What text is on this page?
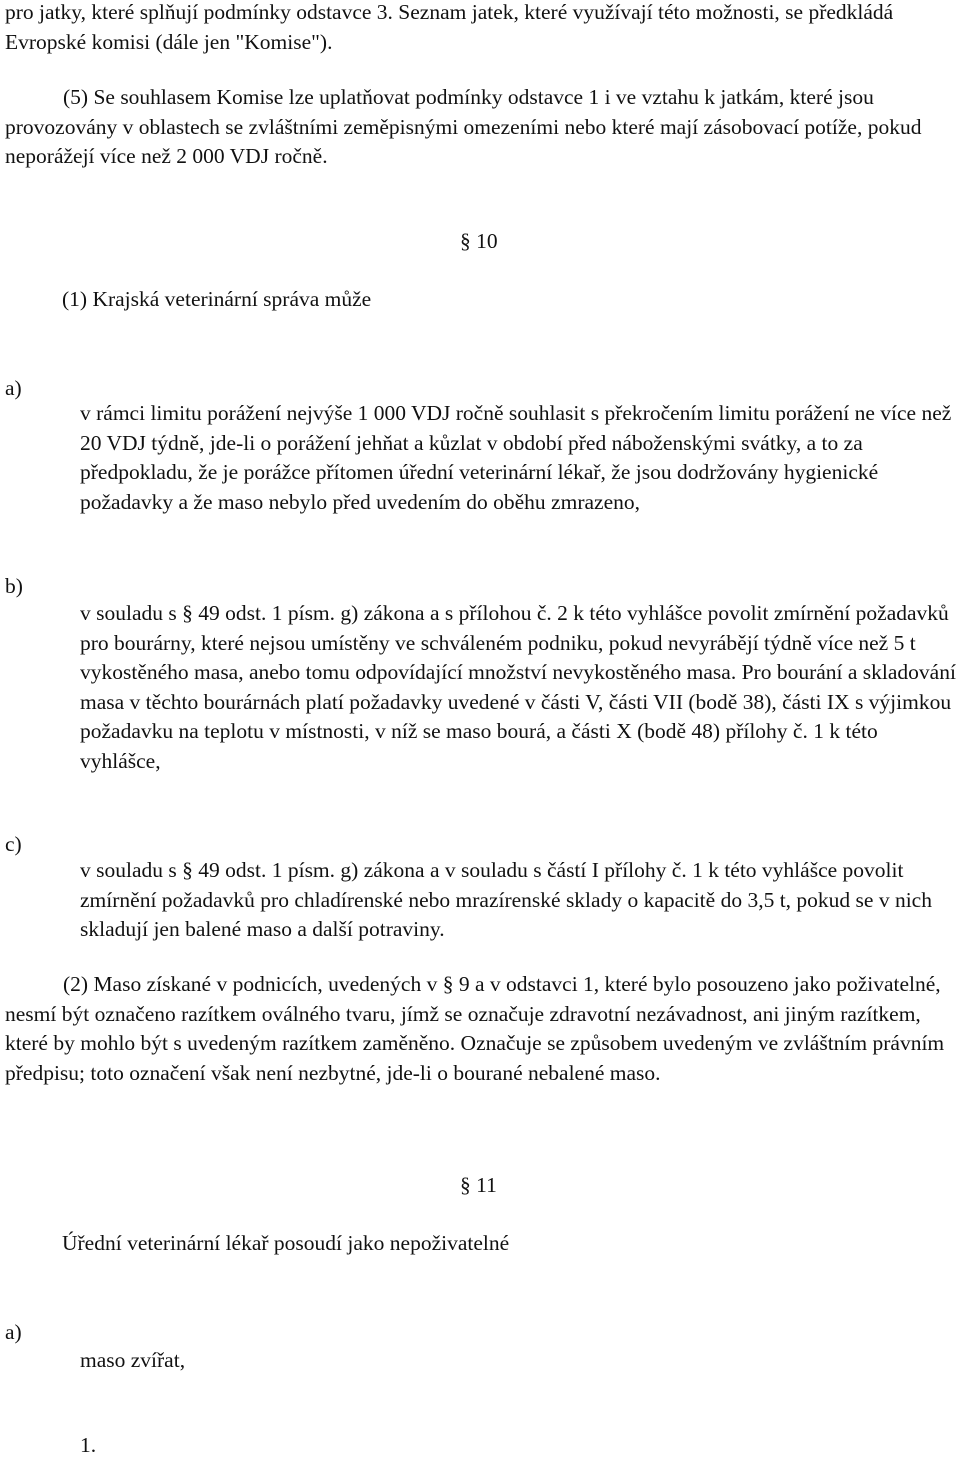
pro jatky, které splňují podmínky odstavce 3. Seznam jatek, které využívají této možnosti, se předkládá Evropské komisi (dále jen "Komise").

(5) Se souhlasem Komise lze uplatňovat podmínky odstavce 1 i ve vztahu k jatkám, které jsou provozovány v oblastech se zvláštními zeměpisnými omezeními nebo které mají zásobovací potíže, pokud neporážejí více než 2 000 VDJ ročně.

§ 10
(1) Krajská veterinární správa může
a)

v rámci limitu porážení nejvýše 1 000 VDJ ročně souhlasit s překročením limitu porážení ne více než 20 VDJ týdně, jde-li o porážení jehňat a kůzlat v období před náboženskými svátky, a to za předpokladu, že je porážce přítomen úřední veterinární lékař, že jsou dodržovány hygienické požadavky a že maso nebylo před uvedením do oběhu zmrazeno,

b)

v souladu s § 49 odst. 1 písm. g) zákona a s přílohou č. 2 k této vyhlášce povolit zmírnění požadavků pro bourárny, které nejsou umístěny ve schváleném podniku, pokud nevyrábějí týdně více než 5 t vykostěného masa, anebo tomu odpovídající množství nevykostěného masa. Pro bourání a skladování masa v těchto bourárnách platí požadavky uvedené v části V, části VII (bodě 38), části IX s výjimkou požadavku na teplotu v místnosti, v níž se maso bourá, a části X (bodě 48) přílohy č. 1 k této vyhlášce,

c)

v souladu s § 49 odst. 1 písm. g) zákona a v souladu s částí I přílohy č. 1 k této vyhlášce povolit zmírnění požadavků pro chladírenské nebo mrazírenské sklady o kapacitě do 3,5 t, pokud se v nich skladují jen balené maso a další potraviny.

(2) Maso získané v podnicích, uvedených v § 9 a v odstavci 1, které bylo posouzeno jako poživatelné, nesmí být označeno razítkem oválného tvaru, jímž se označuje zdravotní nezávadnost, ani jiným razítkem, které by mohlo být s uvedeným razítkem zaměněno. Označuje se způsobem uvedeným ve zvláštním právním předpisu; toto označení však není nezbytné, jde-li o bourané nebalené maso.

§ 11
Úřední veterinární lékař posoudí jako nepoživatelné
a)
maso zvířat,
1.
